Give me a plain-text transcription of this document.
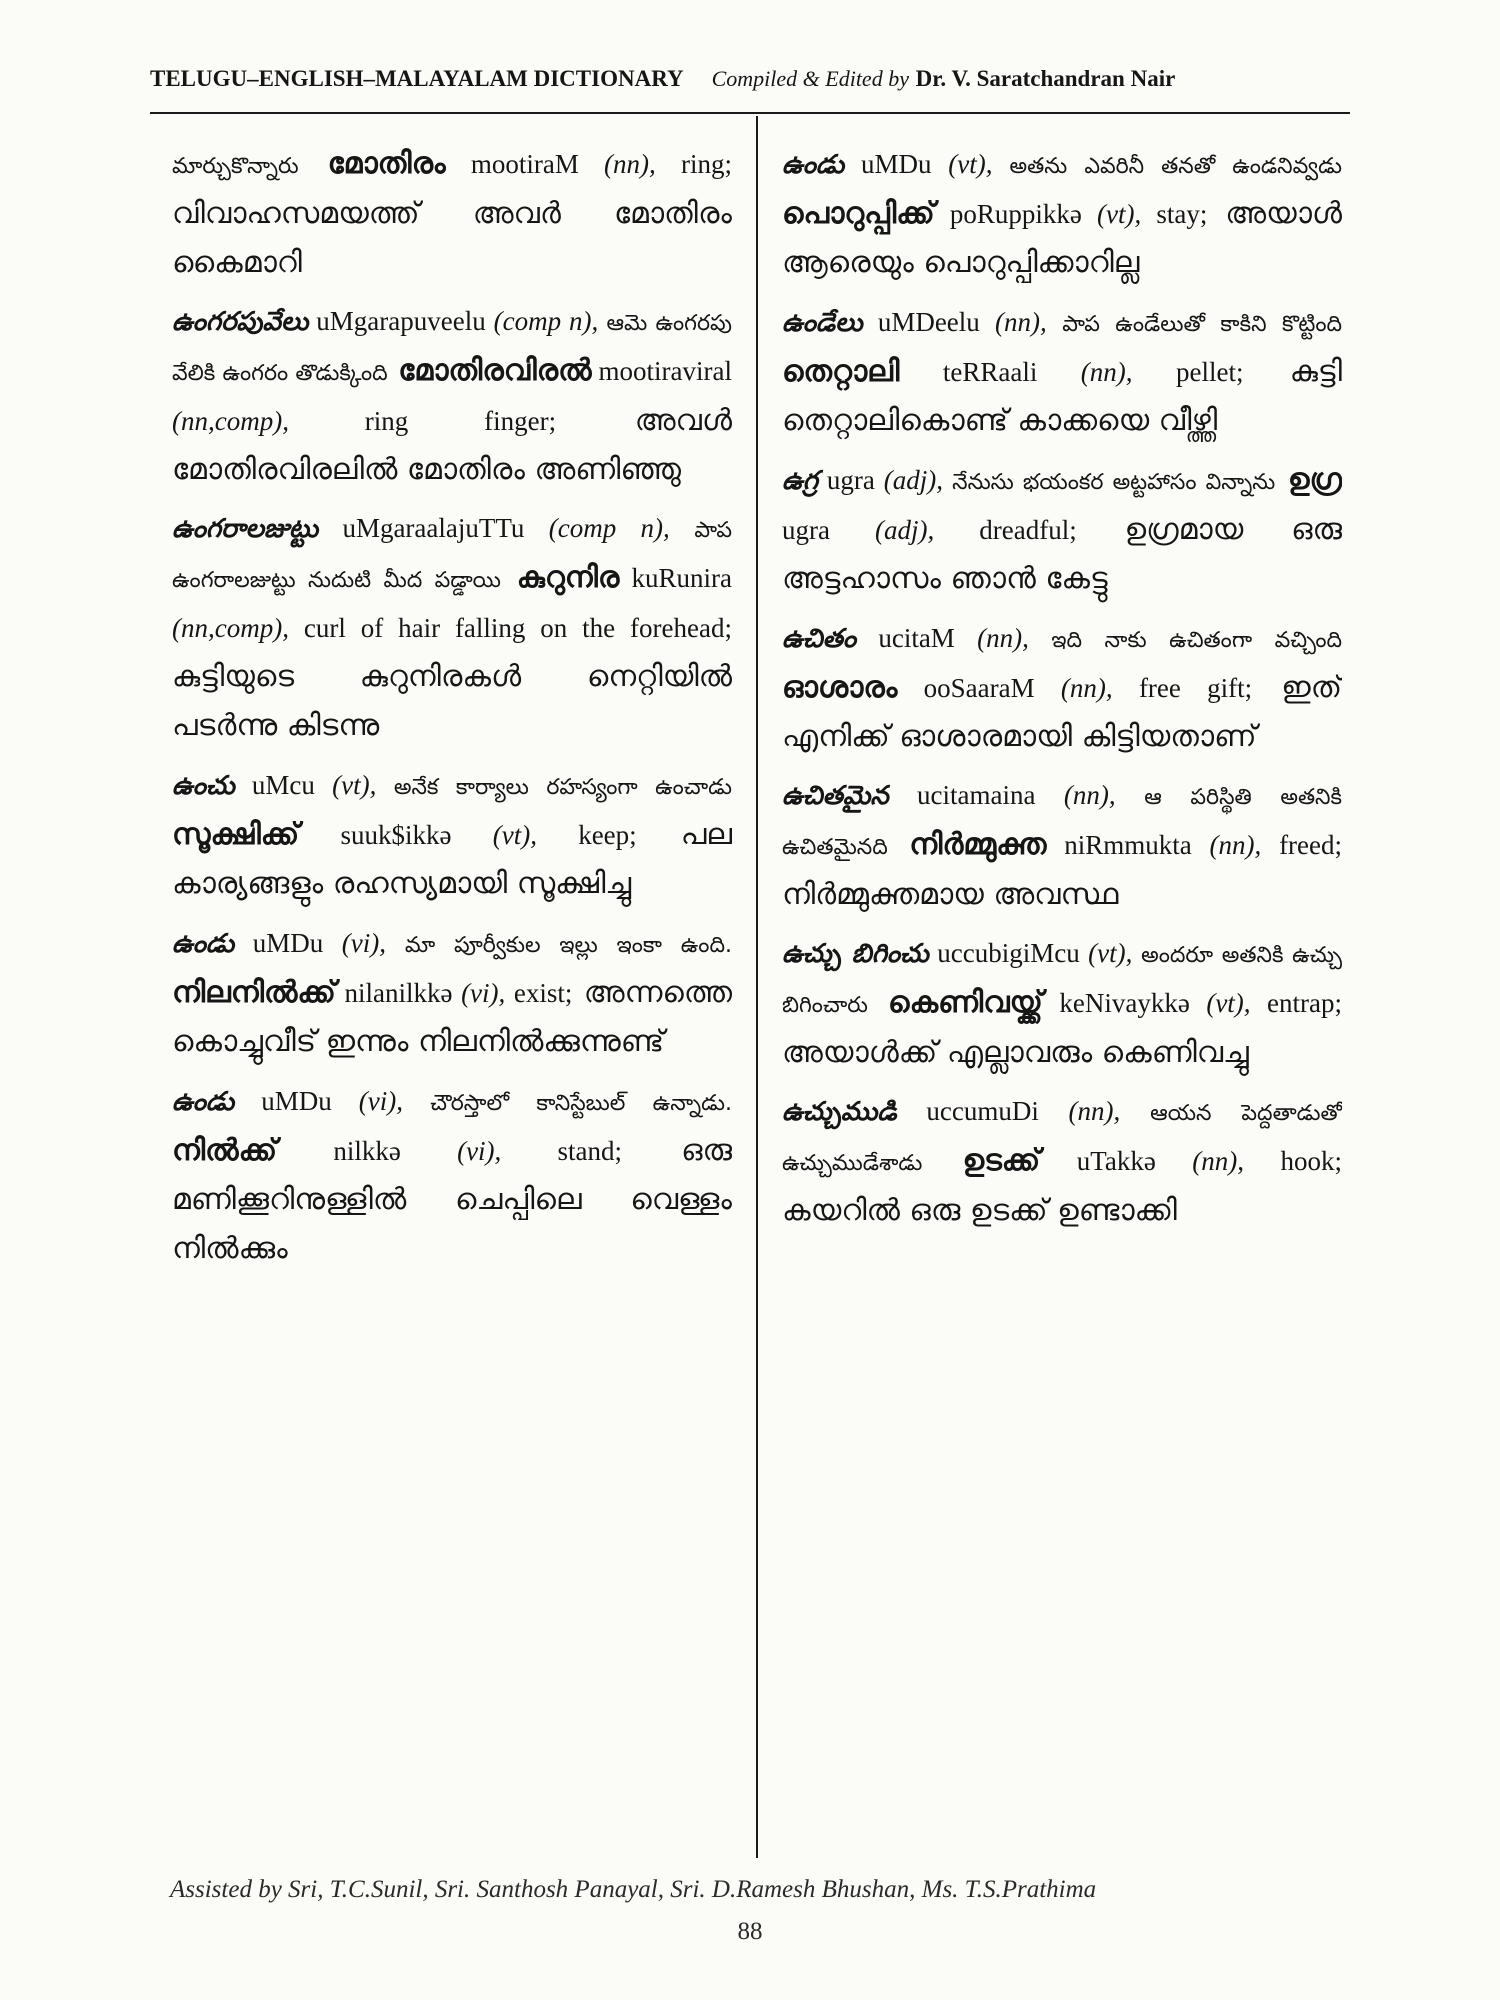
TELUGU–ENGLISH–MALAYALAM DICTIONARY Compiled & Edited by Dr. V. Saratchandran Nair
మార్చుకొన్నారు മോതിരം mootiraM (nn), ring; വിവാഹസമയത്ത് അവർ മോതിരം കൈമാറി
ఉంగరపువేలు uMgarapuveelu (comp n), ఆమె ఉంగరపు వేలికి ఉంగరం తొడుక్కింది മോതിരവിരൽ mootiraviral (nn,comp), ring finger; അവൾ മോതിരവിരലിൽ മോതിരം അണിഞ്ഞു
ఉంగరాలజుట్టు uMgaraalajuTTu (comp n), పాప ఉంగరాలజుట్టు నుదుటి మీద పడ్డాయి കുറുനിര kuRunira (nn,comp), curl of hair falling on the forehead; കുട്ടിയുടെ കുറുനിരകൾ നെറ്റിയിൽ പടർന്നു കിടന്നു
ఉంచు uMcu (vt), అనేక కార్యాలు రహస్యంగా ఉంచాడు സൂക്ഷിക്ക് suuk$ikkə (vt), keep; പല കാര്യങ്ങളും രഹസ്യമായി സൂക്ഷിച്ചു
ఉండు uMDu (vi), మా పూర్వీకుల ఇల్లు ఇంకా ఉంది. നിലനിൽക്ക് nilanilkkə (vi), exist; അന്നത്തെ കൊച്ചുവീട് ഇന്നും നിലനിൽക്കുന്നുണ്ട്
ఉండు uMDu (vi), చౌరస్తాలో కానిస్టేబుల్ ఉన్నాడు. നിൽക്ക് nilkkə (vi), stand; ഒരു മണിക്കൂറിനുള്ളിൽ ചെപ്പിലെ വെള്ളം നിൽക്കും
ఉండు uMDu (vt), అతను ఎవరినీ తనతో ఉండనివ్వడు പൊറുപ്പിക്ക് poRuppikkə (vt), stay; അയാൾ ആരെയും പൊറുപ്പിക്കാറില്ല
ఉండేలు uMDeelu (nn), పాప ఉండేలుతో కాకిని కొట్టింది തെറ്റാലി teRRaali (nn), pellet; കുട്ടി തെറ്റാലികൊണ്ട് കാക്കയെ വീഴ്ത്തി
ఉగ్ర ugra (adj), నేనుసు భయంకర అట్టహాసం విన్నాను ഉഗ്ര ugra (adj), dreadful; ഉഗ്രമായ ഒരു അട്ടഹാസം ഞാൻ കേട്ടു
ఉచితం ucitaM (nn), ఇది నాకు ఉచితంగా వచ్చింది ഓശാരം ooSaaraM (nn), free gift; ഇത് എനിക്ക് ഓശാരമായി കിട്ടിയതാണ്
ఉచితమైన ucitamaina (nn), ఆ పరిస్థితి అతనికి ఉచితమైనది നിർമ്മുക്ത niRmmukta (nn), freed; നിർമ്മുക്തമായ അവസ്ഥ
ఉచ్చు బిగించు uccubigiMcu (vt), అందరూ అతనికి ఉచ్చు బిగించారు കെണിവയ്ക്ക് keNivaykkə (vt), entrap; അയാൾക്ക് എല്ലാവരും കെണിവച്ചു
ఉచ్చుముడి uccumuDi (nn), ఆయన పెద్దతాడుతో ఉచ్చుముడేశాడు ഉടക്ക് uTakkə (nn), hook; കയറിൽ ഒരു ഉടക്ക് ഉണ്ടാക്കി
Assisted by Sri, T.C.Sunil, Sri. Santhosh Panayal, Sri. D.Ramesh Bhushan, Ms. T.S.Prathima
88
